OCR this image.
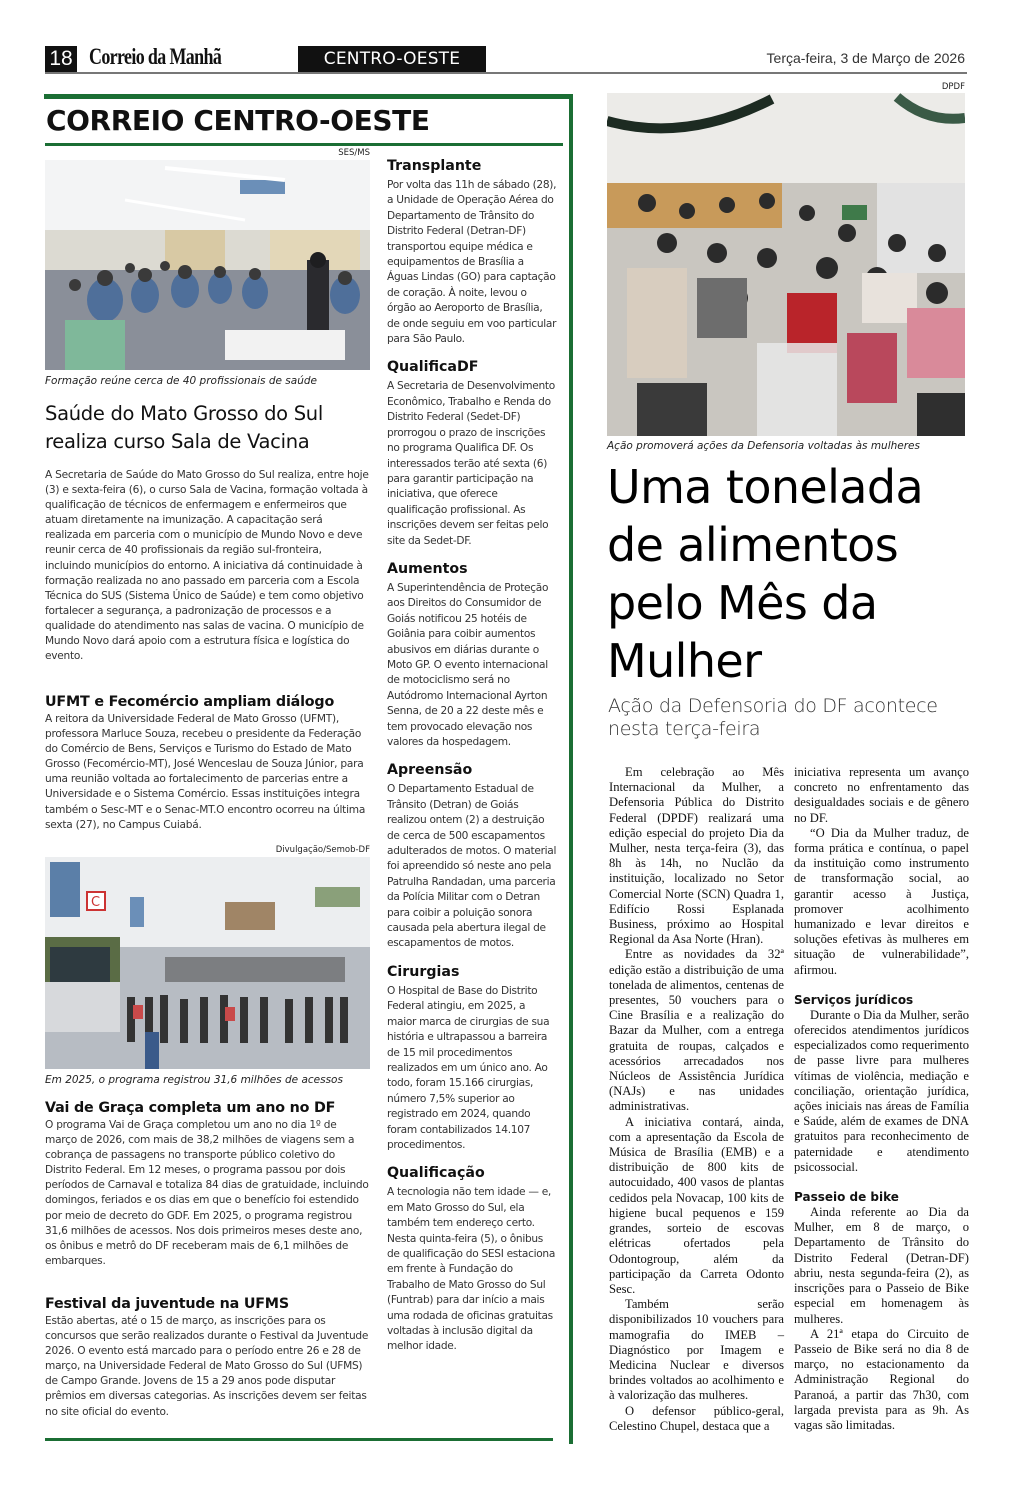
18 Correio da Manhã	CENTRO-OESTE	Terça-feira, 3 de Março de 2026
CORREIO CENTRO-OESTE
SES/MS
Formação reúne cerca de 40 profissionais de saúde
Saúde do Mato Grosso do Sul
realiza curso Sala de Vacina
A Secretaria de Saúde do Mato Grosso do Sul realiza, entre hoje (3) e sexta-feira (6), o curso Sala de Vacina, formação voltada à qualificação de técnicos de enfermagem e enfermeiros que atuam diretamente na imunização. A capacitação será realizada em parceria com o município de Mundo Novo e deve reunir cerca de 40 profissionais da região sul-fronteira, incluindo municípios do entorno. A iniciativa dá continuidade à formação realizada no ano passado em parceria com a Escola Técnica do SUS (Sistema Único de Saúde) e tem como objetivo fortalecer a segurança, a padronização de processos e a qualidade do atendimento nas salas de vacina. O município de Mundo Novo dará apoio com a estrutura física e logística do evento.
UFMT e Fecomércio ampliam diálogo
A reitora da Universidade Federal de Mato Grosso (UFMT), professora Marluce Souza, recebeu o presidente da Federação do Comércio de Bens, Serviços e Turismo do Estado de Mato Grosso (Fecomércio-MT), José Wenceslau de Souza Júnior, para uma reunião voltada ao fortalecimento de parcerias entre a Universidade e o Sistema Comércio. Essas instituições integra também o Sesc-MT e o Senac-MT.O encontro ocorreu na última sexta (27), no Campus Cuiabá.
Divulgação/Semob-DF
C
Em 2025, o programa registrou 31,6 milhões de acessos
Vai de Graça completa um ano no DF
O programa Vai de Graça completou um ano no dia 1º de março de 2026, com mais de 38,2 milhões de viagens sem a cobrança de passagens no transporte público coletivo do Distrito Federal. Em 12 meses, o programa passou por dois períodos de Carnaval e totaliza 84 dias de gratuidade, incluindo domingos, feriados e os dias em que o benefício foi estendido por meio de decreto do GDF. Em 2025, o programa registrou 31,6 milhões de acessos. Nos dois primeiros meses deste ano, os ônibus e metrô do DF receberam mais de 6,1 milhões de embarques.
Festival da juventude na UFMS
Estão abertas, até o 15 de março, as inscrições para os concursos que serão realizados durante o Festival da Juventude 2026. O evento está marcado para o período entre 26 e 28 de março, na Universidade Federal de Mato Grosso do Sul (UFMS) de Campo Grande. Jovens de 15 a 29 anos pode disputar prêmios em diversas categorias. As inscrições devem ser feitas no site oficial do evento.
Transplante
Por volta das 11h de sábado (28), a Unidade de Operação Aérea do Departamento de Trânsito do Distrito Federal (Detran-DF) transportou equipe médica e equipamentos de Brasília a Águas Lindas (GO) para captação de coração. À noite, levou o órgão ao Aeroporto de Brasília, de onde seguiu em voo particular para São Paulo.
QualificaDF
A Secretaria de Desenvolvimento Econômico, Trabalho e Renda do Distrito Federal (Sedet-DF) prorrogou o prazo de inscrições no programa Qualifica DF. Os interessados terão até sexta (6) para garantir participação na iniciativa, que oferece qualificação profissional. As inscrições devem ser feitas pelo site da Sedet-DF.
Aumentos
A Superintendência de Proteção aos Direitos do Consumidor de Goiás notificou 25 hotéis de Goiânia para coibir aumentos abusivos em diárias durante o Moto GP. O evento internacional de motociclismo será no Autódromo Internacional Ayrton Senna, de 20 a 22 deste mês e tem provocado elevação nos valores da hospedagem.
Apreensão
O Departamento Estadual de Trânsito (Detran) de Goiás realizou ontem (2) a destruição de cerca de 500 escapamentos adulterados de motos. O material foi apreendido só neste ano pela Patrulha Randadan, uma parceria da Polícia Militar com o Detran para coibir a poluição sonora causada pela abertura ilegal de escapamentos de motos.
Cirurgias
O Hospital de Base do Distrito Federal atingiu, em 2025, a maior marca de cirurgias de sua história e ultrapassou a barreira de 15 mil procedimentos realizados em um único ano. Ao todo, foram 15.166 cirurgias, número 7,5% superior ao registrado em 2024, quando foram contabilizados 14.107 procedimentos.
Qualificação
A tecnologia não tem idade — e, em Mato Grosso do Sul, ela também tem endereço certo. Nesta quinta-feira (5), o ônibus de qualificação do SESI estaciona em frente à Fundação do Trabalho de Mato Grosso do Sul (Funtrab) para dar início a mais uma rodada de oficinas gratuitas voltadas à inclusão digital da melhor idade.
DPDF
Ação promoverá ações da Defensoria voltadas às mulheres
Uma tonelada de alimentos pelo Mês da Mulher
Ação da Defensoria do DF acontece nesta terça-feira

Em celebração ao Mês Internacional da Mulher, a Defensoria Pública do Distrito Federal (DPDF) realizará uma edição especial do projeto Dia da Mulher, nesta terça-feira (3), das 8h às 14h, no Nuclão da instituição, localizado no Setor Comercial Norte (SCN) Quadra 1, Edifício Rossi Esplanada Business, próximo ao Hospital Regional da Asa Norte (Hran).

Entre as novidades da 32ª edição estão a distribuição de uma tonelada de alimentos, centenas de presentes, 50 vouchers para o Cine Brasília e a realização do Bazar da Mulher, com a entrega gratuita de roupas, calçados e acessórios arrecadados nos Núcleos de Assistência Jurídica (NAJs) e nas unidades administrativas.

A iniciativa contará, ainda, com a apresentação da Escola de Música de Brasília (EMB) e a distribuição de 800 kits de autocuidado, 400 vasos de plantas cedidos pela Novacap, 100 kits de higiene bucal pequenos e 159 grandes, sorteio de escovas elétricas ofertados pela Odontogroup, além da participação da Carreta Odonto Sesc.

Também serão disponibilizados 10 vouchers para mamografia do IMEB – Diagnóstico por Imagem e Medicina Nuclear e diversos brindes voltados ao acolhimento e à valorização das mulheres.

O defensor público-geral, Celestino Chupel, destaca que a

iniciativa representa um avanço concreto no enfrentamento das desigualdades sociais e de gênero no DF.

“O Dia da Mulher traduz, de forma prática e contínua, o papel da instituição como instrumento de transformação social, ao garantir acesso à Justiça, promover acolhimento humanizado e levar direitos e soluções efetivas às mulheres em situação de vulnerabilidade”, afirmou.

Serviços jurídicos

Durante o Dia da Mulher, serão oferecidos atendimentos jurídicos especializados como requerimento de passe livre para mulheres vítimas de violência, mediação e conciliação, orientação jurídica, ações iniciais nas áreas de Família e Saúde, além de exames de DNA gratuitos para reconhecimento de paternidade e atendimento psicossocial.

Passeio de bike

Ainda referente ao Dia da Mulher, em 8 de março, o Departamento de Trânsito do Distrito Federal (Detran-DF) abriu, nesta segunda-feira (2), as inscrições para o Passeio de Bike especial em homenagem às mulheres.

A 21ª etapa do Circuito de Passeio de Bike será no dia 8 de março, no estacionamento da Administração Regional do Paranoá, a partir das 7h30, com largada prevista para as 9h. As vagas são limitadas.
